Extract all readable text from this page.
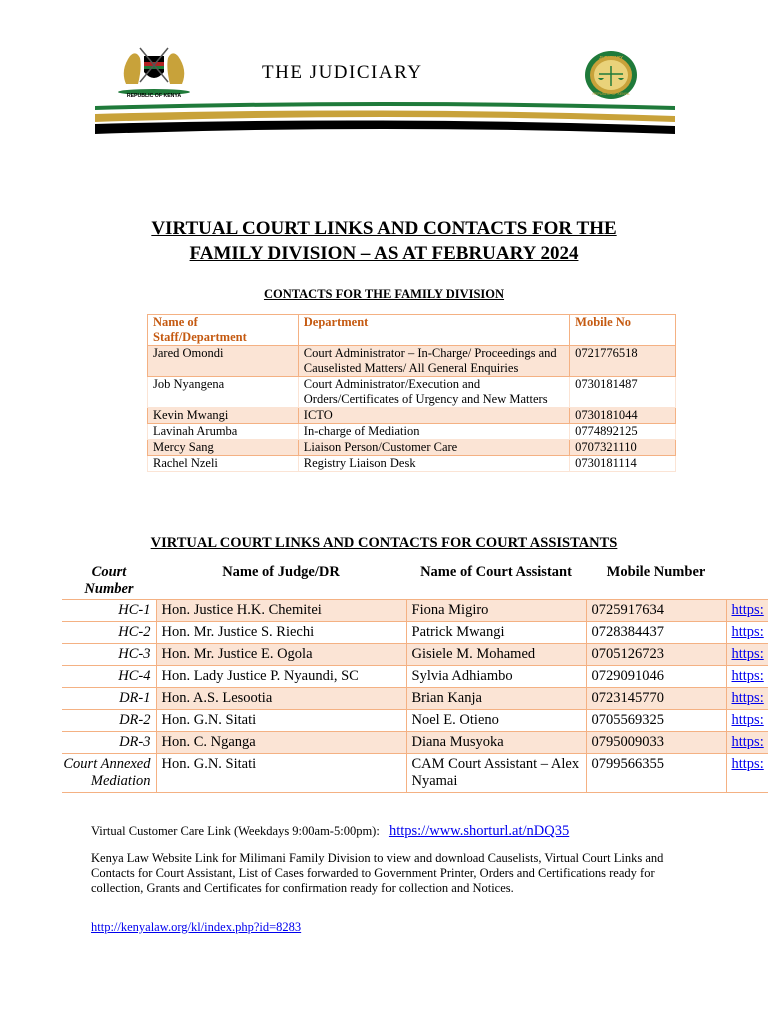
REPUBLIC OF KENYA
THE JUDICIARY
JUDICIARY
REPUBLIC OF KENYA
VIRTUAL COURT LINKS AND CONTACTS FOR THE
FAMILY DIVISION – AS AT FEBRUARY 2024
CONTACTS FOR THE FAMILY DIVISION
Name of Staff/Department	Department	Mobile No
Jared Omondi	Court Administrator – In-Charge/ Proceedings and Causelisted Matters/ All General Enquiries	0721776518
Job Nyangena	Court Administrator/Execution and Orders/Certificates of Urgency and New Matters	0730181487
Kevin Mwangi	ICTO	0730181044
Lavinah Arumba	In-charge of Mediation	0774892125
Mercy Sang	Liaison Person/Customer Care	0707321110
Rachel Nzeli	Registry Liaison Desk	0730181114
VIRTUAL COURT LINKS AND CONTACTS FOR COURT ASSISTANTS
Court Number	Name of Judge/DR	Name of Court Assistant	Mobile Number	
HC-1	Hon. Justice H.K. Chemitei	Fiona Migiro	0725917634	https:
HC-2	Hon. Mr. Justice S. Riechi	Patrick Mwangi	0728384437	https:
HC-3	Hon. Mr. Justice E. Ogola	Gisiele M. Mohamed	0705126723	https:
HC-4	Hon. Lady Justice P. Nyaundi, SC	Sylvia Adhiambo	0729091046	https:
DR-1	Hon. A.S. Lesootia	Brian Kanja	0723145770	https:
DR-2	Hon. G.N. Sitati	Noel E. Otieno	0705569325	https:
DR-3	Hon. C. Nganga	Diana Musyoka	0795009033	https:
Court Annexed Mediation	Hon. G.N. Sitati	CAM Court Assistant – Alex Nyamai	0799566355	https:
Virtual Customer Care Link (Weekdays 9:00am-5:00pm): https://www.shorturl.at/nDQ35
Kenya Law Website Link for Milimani Family Division to view and download Causelists, Virtual Court Links and Contacts for Court Assistant, List of Cases forwarded to Government Printer, Orders and Certifications ready for collection, Grants and Certificates for confirmation ready for collection and Notices.
http://kenyalaw.org/kl/index.php?id=8283
